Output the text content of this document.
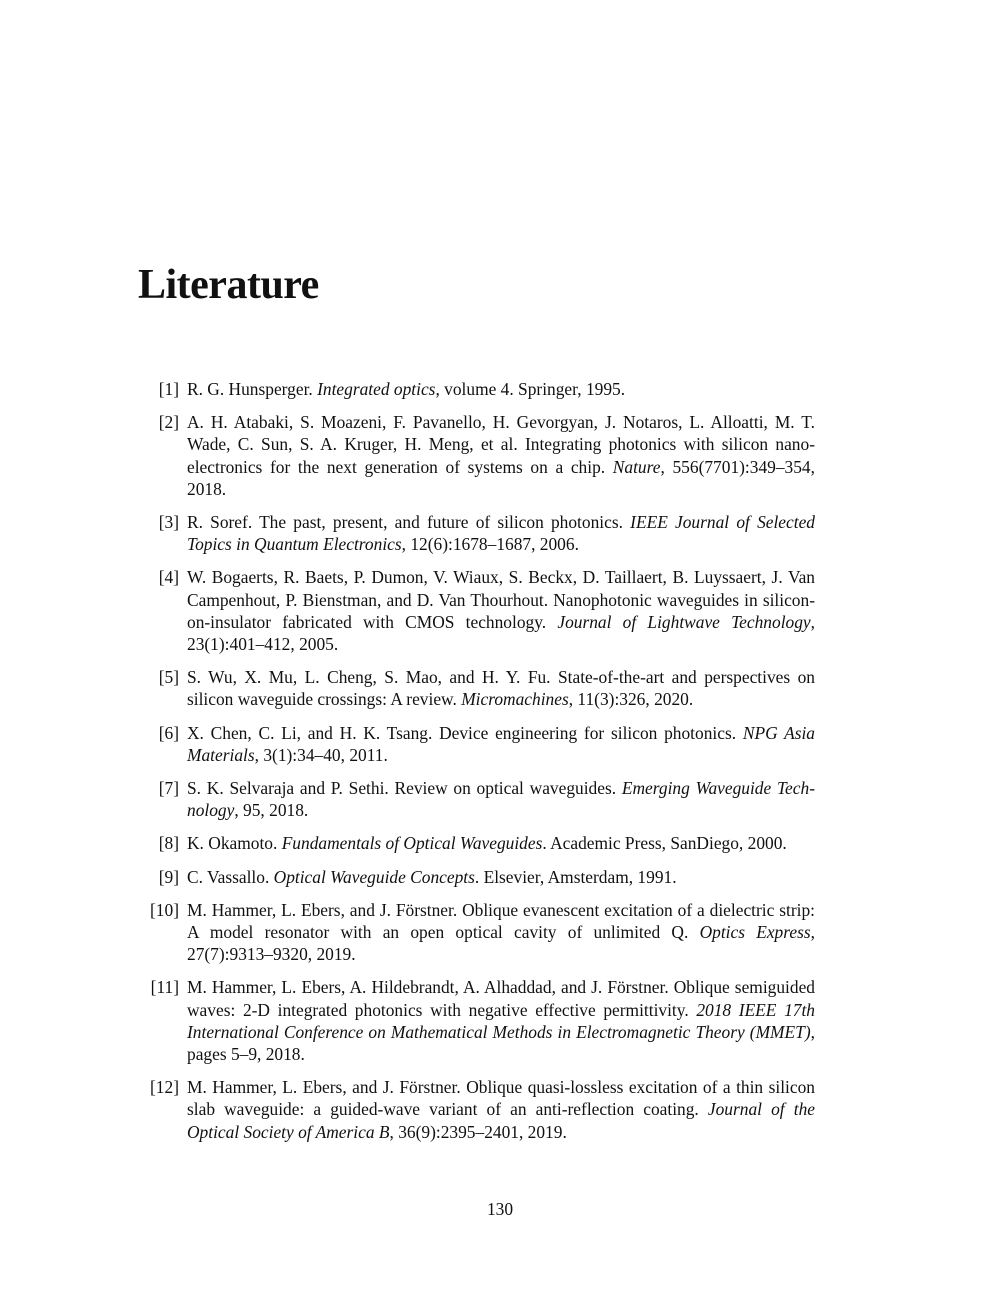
Literature
[1] R. G. Hunsperger. Integrated optics, volume 4. Springer, 1995.
[2] A. H. Atabaki, S. Moazeni, F. Pavanello, H. Gevorgyan, J. Notaros, L. Alloatti, M. T. Wade, C. Sun, S. A. Kruger, H. Meng, et al. Integrating photonics with silicon nanoelectronics for the next generation of systems on a chip. Nature, 556(7701):349–354, 2018.
[3] R. Soref. The past, present, and future of silicon photonics. IEEE Journal of Selected Topics in Quantum Electronics, 12(6):1678–1687, 2006.
[4] W. Bogaerts, R. Baets, P. Dumon, V. Wiaux, S. Beckx, D. Taillaert, B. Luyssaert, J. Van Campenhout, P. Bienstman, and D. Van Thourhout. Nanophotonic waveguides in silicon-on-insulator fabricated with CMOS technology. Journal of Lightwave Technology, 23(1):401–412, 2005.
[5] S. Wu, X. Mu, L. Cheng, S. Mao, and H. Y. Fu. State-of-the-art and perspectives on silicon waveguide crossings: A review. Micromachines, 11(3):326, 2020.
[6] X. Chen, C. Li, and H. K. Tsang. Device engineering for silicon photonics. NPG Asia Materials, 3(1):34–40, 2011.
[7] S. K. Selvaraja and P. Sethi. Review on optical waveguides. Emerging Waveguide Technology, 95, 2018.
[8] K. Okamoto. Fundamentals of Optical Waveguides. Academic Press, SanDiego, 2000.
[9] C. Vassallo. Optical Waveguide Concepts. Elsevier, Amsterdam, 1991.
[10] M. Hammer, L. Ebers, and J. Förstner. Oblique evanescent excitation of a dielectric strip: A model resonator with an open optical cavity of unlimited Q. Optics Express, 27(7):9313–9320, 2019.
[11] M. Hammer, L. Ebers, A. Hildebrandt, A. Alhaddad, and J. Förstner. Oblique semiguided waves: 2-D integrated photonics with negative effective permittivity. 2018 IEEE 17th International Conference on Mathematical Methods in Electromagnetic Theory (MMET), pages 5–9, 2018.
[12] M. Hammer, L. Ebers, and J. Förstner. Oblique quasi-lossless excitation of a thin silicon slab waveguide: a guided-wave variant of an anti-reflection coating. Journal of the Optical Society of America B, 36(9):2395–2401, 2019.
130
